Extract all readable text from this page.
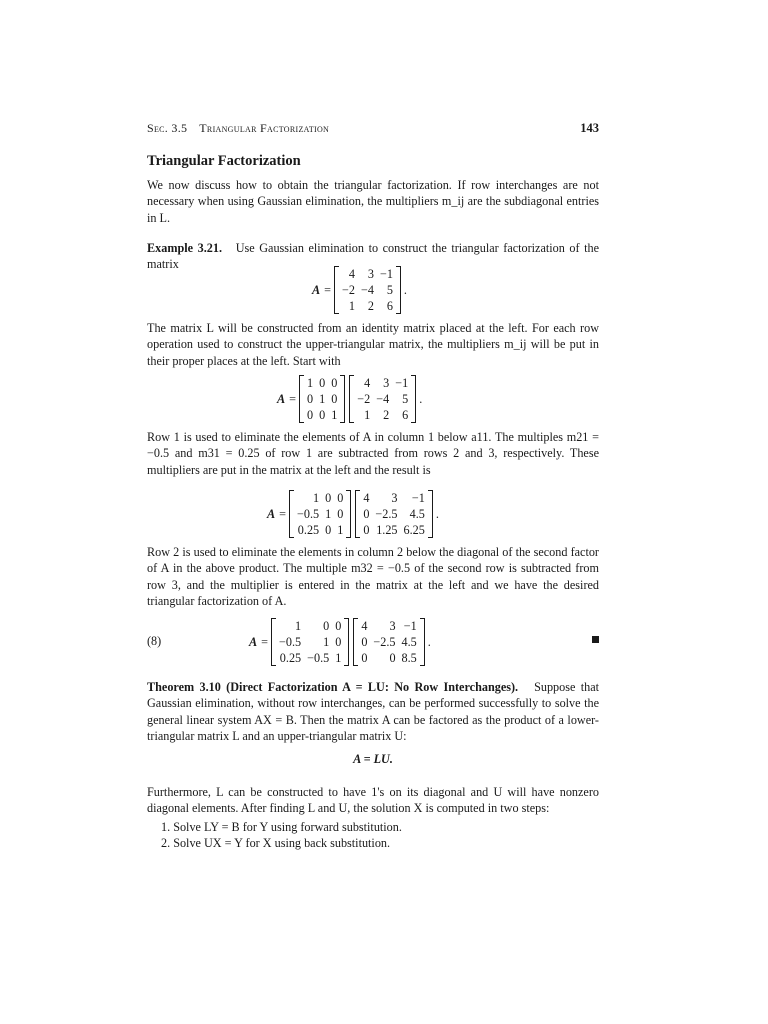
Sec. 3.5 Triangular Factorization	143
Triangular Factorization
We now discuss how to obtain the triangular factorization. If row interchanges are not necessary when using Gaussian elimination, the multipliers m_ij are the subdiagonal entries in L.
Example 3.21. Use Gaussian elimination to construct the triangular factorization of the matrix
A =
4	3 −1
−2 −4	5
1	2	6
.
The matrix L will be constructed from an identity matrix placed at the left. For each row operation used to construct the upper-triangular matrix, the multipliers m_ij will be put in their proper places at the left. Start with
A =
1 0 0
0 1 0
0 0 1
4	3 −1
−2 −4	5
1	2	6
.
Row 1 is used to eliminate the elements of A in column 1 below a11. The multiples m21 = −0.5 and m31 = 0.25 of row 1 are subtracted from rows 2 and 3, respectively. These multipliers are put in the matrix at the left and the result is
A =
1 0 0
−0.5 1 0
0.25 0 1
4	3	−1
0 −2.5 4.5
0 1.25 6.25
.
Row 2 is used to eliminate the elements in column 2 below the diagonal of the second factor of A in the above product. The multiple m32 = −0.5 of the second row is subtracted from row 3, and the multiplier is entered in the matrix at the left and we have the desired triangular factorization of A.
(8)	A =
1	0 0
−0.5	1 0
0.25 −0.5 1
4	3 −1
0 −2.5 4.5
0	0 8.5
.
Theorem 3.10 (Direct Factorization A = LU: No Row Interchanges). Suppose that Gaussian elimination, without row interchanges, can be performed successfully to solve the general linear system AX = B. Then the matrix A can be factored as the product of a lower-triangular matrix L and an upper-triangular matrix U:
A = LU.
Furthermore, L can be constructed to have 1's on its diagonal and U will have nonzero diagonal elements. After finding L and U, the solution X is computed in two steps:
1. Solve LY = B for Y using forward substitution.
2. Solve UX = Y for X using back substitution.
